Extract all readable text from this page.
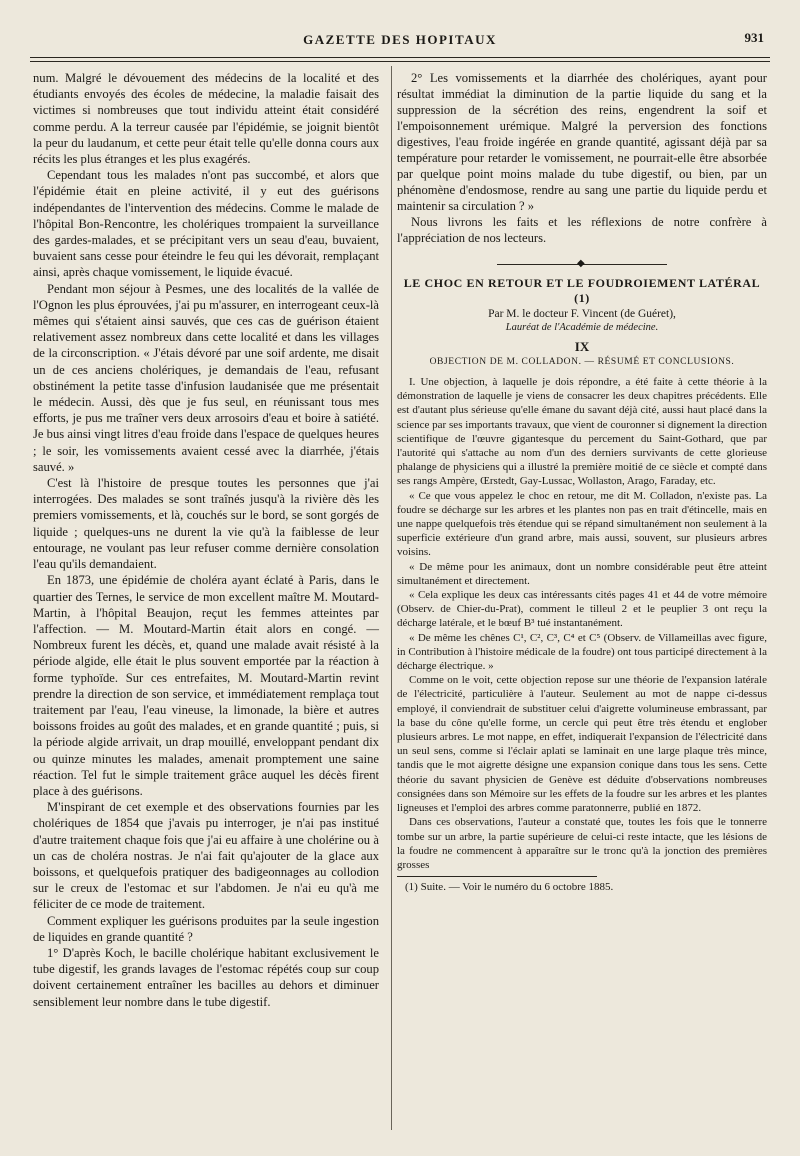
GAZETTE DES HOPITAUX	931

num. Malgré le dévouement des médecins de la localité et des étudiants envoyés des écoles de médecine, la maladie faisait des victimes si nombreuses que tout individu atteint était considéré comme perdu. A la terreur causée par l'épidémie, se joignit bientôt la peur du laudanum, et cette peur était telle qu'elle donna cours aux récits les plus étranges et les plus exagérés.

Cependant tous les malades n'ont pas succombé, et alors que l'épidémie était en pleine activité, il y eut des guérisons indépendantes de l'intervention des médecins. Comme le malade de l'hôpital Bon-Rencontre, les cholériques trompaient la surveillance des gardes-malades, et se précipitant vers un seau d'eau, buvaient, buvaient sans cesse pour éteindre le feu qui les dévorait, remplaçant ainsi, après chaque vomissement, le liquide évacué.

Pendant mon séjour à Pesmes, une des localités de la vallée de l'Ognon les plus éprouvées, j'ai pu m'assurer, en interrogeant ceux-là mêmes qui s'étaient ainsi sauvés, que ces cas de guérison étaient relativement assez nombreux dans cette localité et dans les villages de la circonscription. « J'étais dévoré par une soif ardente, me disait un de ces anciens cholériques, je demandais de l'eau, refusant obstinément la petite tasse d'infusion laudanisée que me présentait le médecin. Aussi, dès que je fus seul, en réunissant tous mes efforts, je pus me traîner vers deux arrosoirs d'eau et boire à satiété. Je bus ainsi vingt litres d'eau froide dans l'espace de quelques heures ; le soir, les vomissements avaient cessé avec la diarrhée, j'étais sauvé. »

C'est là l'histoire de presque toutes les personnes que j'ai interrogées. Des malades se sont traînés jusqu'à la rivière dès les premiers vomissements, et là, couchés sur le bord, se sont gorgés de liquide ; quelques-uns ne durent la vie qu'à la faiblesse de leur entourage, ne voulant pas leur refuser comme dernière consolation l'eau qu'ils demandaient.

En 1873, une épidémie de choléra ayant éclaté à Paris, dans le quartier des Ternes, le service de mon excellent maître M. Moutard-Martin, à l'hôpital Beaujon, reçut les femmes atteintes par l'affection. — M. Moutard-Martin était alors en congé. — Nombreux furent les décès, et, quand une malade avait résisté à la période algide, elle était le plus souvent emportée par la réaction à forme typhoïde. Sur ces entrefaites, M. Moutard-Martin revint prendre la direction de son service, et immédiatement remplaça tout traitement par l'eau, l'eau vineuse, la limonade, la bière et autres boissons froides au goût des malades, et en grande quantité ; puis, si la période algide arrivait, un drap mouillé, enveloppant pendant dix ou quinze minutes les malades, amenait promptement une saine réaction. Tel fut le simple traitement grâce auquel les décès firent place à des guérisons.

M'inspirant de cet exemple et des observations fournies par les cholériques de 1854 que j'avais pu interroger, je n'ai pas institué d'autre traitement chaque fois que j'ai eu affaire à une cholérine ou à un cas de choléra nostras. Je n'ai fait qu'ajouter de la glace aux boissons, et quelquefois pratiquer des badigeonnages au collodion sur le creux de l'estomac et sur l'abdomen. Je n'ai eu qu'à me féliciter de ce mode de traitement.

Comment expliquer les guérisons produites par la seule ingestion de liquides en grande quantité ?

1° D'après Koch, le bacille cholérique habitant exclusivement le tube digestif, les grands lavages de l'estomac répétés coup sur coup doivent certainement entraîner les bacilles au dehors et diminuer sensiblement leur nombre dans le tube digestif.

2° Les vomissements et la diarrhée des cholériques, ayant pour résultat immédiat la diminution de la partie liquide du sang et la suppression de la sécrétion des reins, engendrent la soif et l'empoisonnement urémique. Malgré la perversion des fonctions digestives, l'eau froide ingérée en grande quantité, agissant déjà par sa température pour retarder le vomissement, ne pourrait-elle être absorbée par quelque point moins malade du tube digestif, ou bien, par un phénomène d'endosmose, rendre au sang une partie du liquide perdu et maintenir sa circulation ? »

Nous livrons les faits et les réflexions de notre confrère à l'appréciation de nos lecteurs.

◆
LE CHOC EN RETOUR ET LE FOUDROIEMENT LATÉRAL (1)
Par M. le docteur F. Vincent (de Guéret),
Lauréat de l'Académie de médecine.
IX
OBJECTION DE M. COLLADON. — RÉSUMÉ ET CONCLUSIONS.

I. Une objection, à laquelle je dois répondre, a été faite à cette théorie à la démonstration de laquelle je viens de consacrer les deux chapitres précédents. Elle est d'autant plus sérieuse qu'elle émane du savant déjà cité, aussi haut placé dans la science par ses importants travaux, que vient de couronner si dignement la direction scientifique de l'œuvre gigantesque du percement du Saint-Gothard, que par l'autorité qui s'attache au nom d'un des derniers survivants de cette glorieuse phalange de physiciens qui a illustré la première moitié de ce siècle et compté dans ses rangs Ampère, Œrstedt, Gay-Lussac, Wollaston, Arago, Faraday, etc.

« Ce que vous appelez le choc en retour, me dit M. Colladon, n'existe pas. La foudre se décharge sur les arbres et les plantes non pas en trait d'étincelle, mais en une nappe quelquefois très étendue qui se répand simultanément non seulement à la superficie extérieure d'un grand arbre, mais aussi, souvent, sur plusieurs arbres voisins.

« De même pour les animaux, dont un nombre considérable peut être atteint simultanément et directement.

« Cela explique les deux cas intéressants cités pages 41 et 44 de votre mémoire (Observ. de Chier-du-Prat), comment le tilleul 2 et le peuplier 3 ont reçu la décharge latérale, et le bœuf B³ tué instantanément.

« De même les chênes C¹, C², C³, C⁴ et C⁵ (Observ. de Villameillas avec figure, in Contribution à l'histoire médicale de la foudre) ont tous participé directement à la décharge électrique. »

Comme on le voit, cette objection repose sur une théorie de l'expansion latérale de l'électricité, particulière à l'auteur. Seulement au mot de nappe ci-dessus employé, il conviendrait de substituer celui d'aigrette volumineuse embrassant, par la base du cône qu'elle forme, un cercle qui peut être très étendu et englober plusieurs arbres. Le mot nappe, en effet, indiquerait l'expansion de l'électricité dans un seul sens, comme si l'éclair aplati se laminait en une large plaque très mince, tandis que le mot aigrette désigne une expansion conique dans tous les sens. Cette théorie du savant physicien de Genève est déduite d'observations nombreuses consignées dans son Mémoire sur les effets de la foudre sur les arbres et les plantes ligneuses et l'emploi des arbres comme paratonnerre, publié en 1872.

Dans ces observations, l'auteur a constaté que, toutes les fois que le tonnerre tombe sur un arbre, la partie supérieure de celui-ci reste intacte, que les lésions de la foudre ne commencent à apparaître sur le tronc qu'à la jonction des premières grosses

(1) Suite. — Voir le numéro du 6 octobre 1885.
